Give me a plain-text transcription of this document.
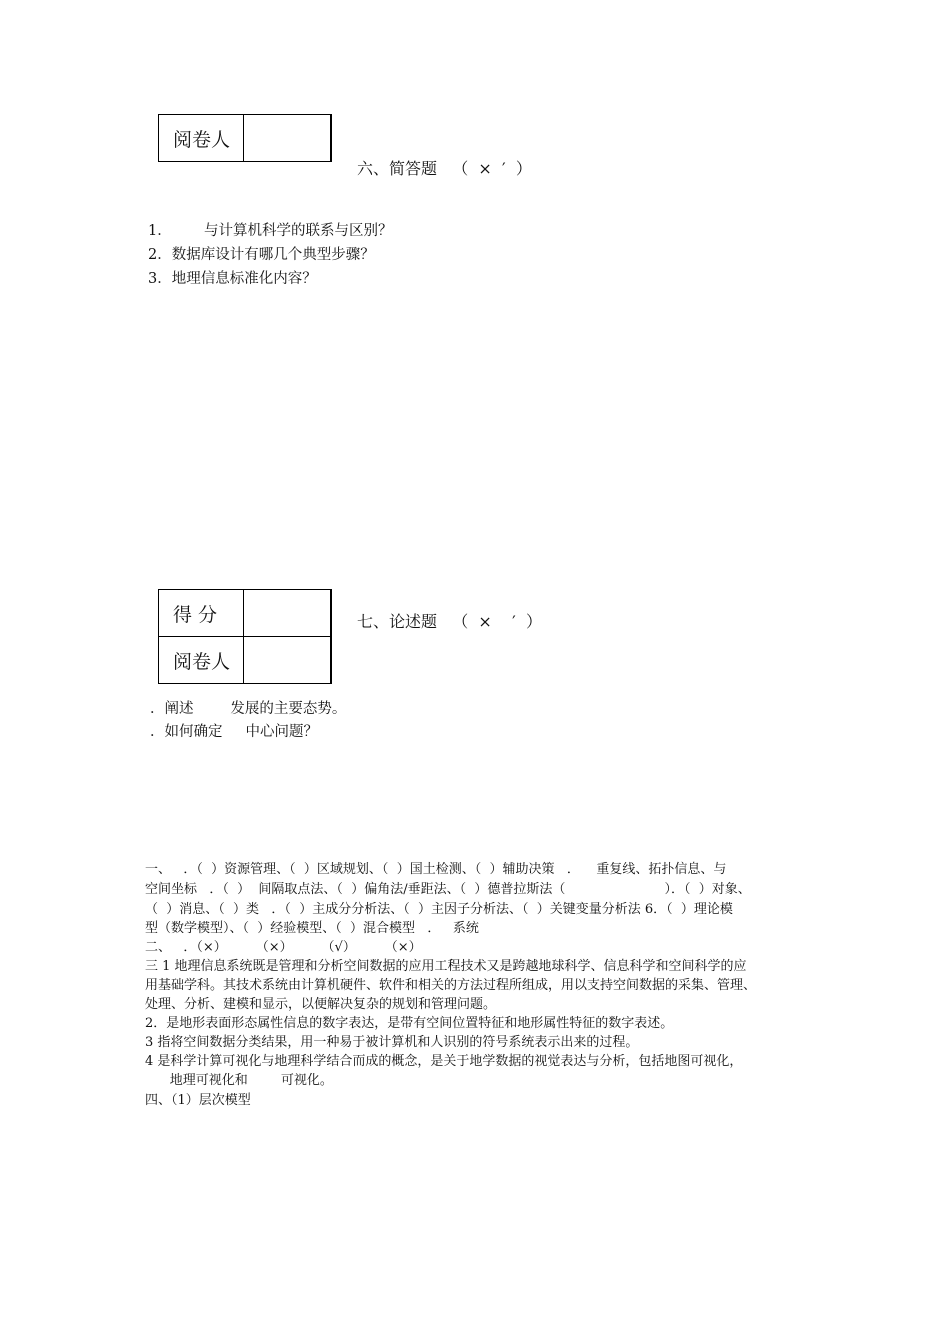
阅卷人	
六、简答题   （  ×  ′  ）
1．       与计算机科学的联系与区别？
2．数据库设计有哪几个典型步骤？
3．地理信息标准化内容？
得 分	
阅卷人	
七、论述题   （  ×    ′  ）
．阐述        发展的主要态势。
．如何确定     中心问题？
一、   ．（  ）资源管理、（  ）区域规划、（  ）国土检测、（  ）辅助决策   ．    重复线、拓扑信息、与
空间坐标   ．（  ）  间隔取点法、（  ）偏角法/垂距法、（  ）德普拉斯法（                        ）．（  ）对象、
（  ）消息、（  ）类   ．（  ）主成分分析法、（  ）主因子分析法、（  ）关键变量分析法 6．（  ）理论模
型（数学模型）、（  ）经验模型、（  ）混合模型   ．   系统
二、   ．（×）       （×）       （√）       （×）
三 1 地理信息系统既是管理和分析空间数据的应用工程技术又是跨越地球科学、信息科学和空间科学的应
用基础学科。其技术系统由计算机硬件、软件和相关的方法过程所组成，用以支持空间数据的采集、管理、
处理、分析、建模和显示，以便解决复杂的规划和管理问题。
2．是地形表面形态属性信息的数字表达，是带有空间位置特征和地形属性特征的数字表述。
3 指将空间数据分类结果，用一种易于被计算机和人识别的符号系统表示出来的过程。
4 是科学计算可视化与地理科学结合而成的概念，是关于地学数据的视觉表达与分析，包括地图可视化，
地理可视化和        可视化。
四、（1）层次模型
